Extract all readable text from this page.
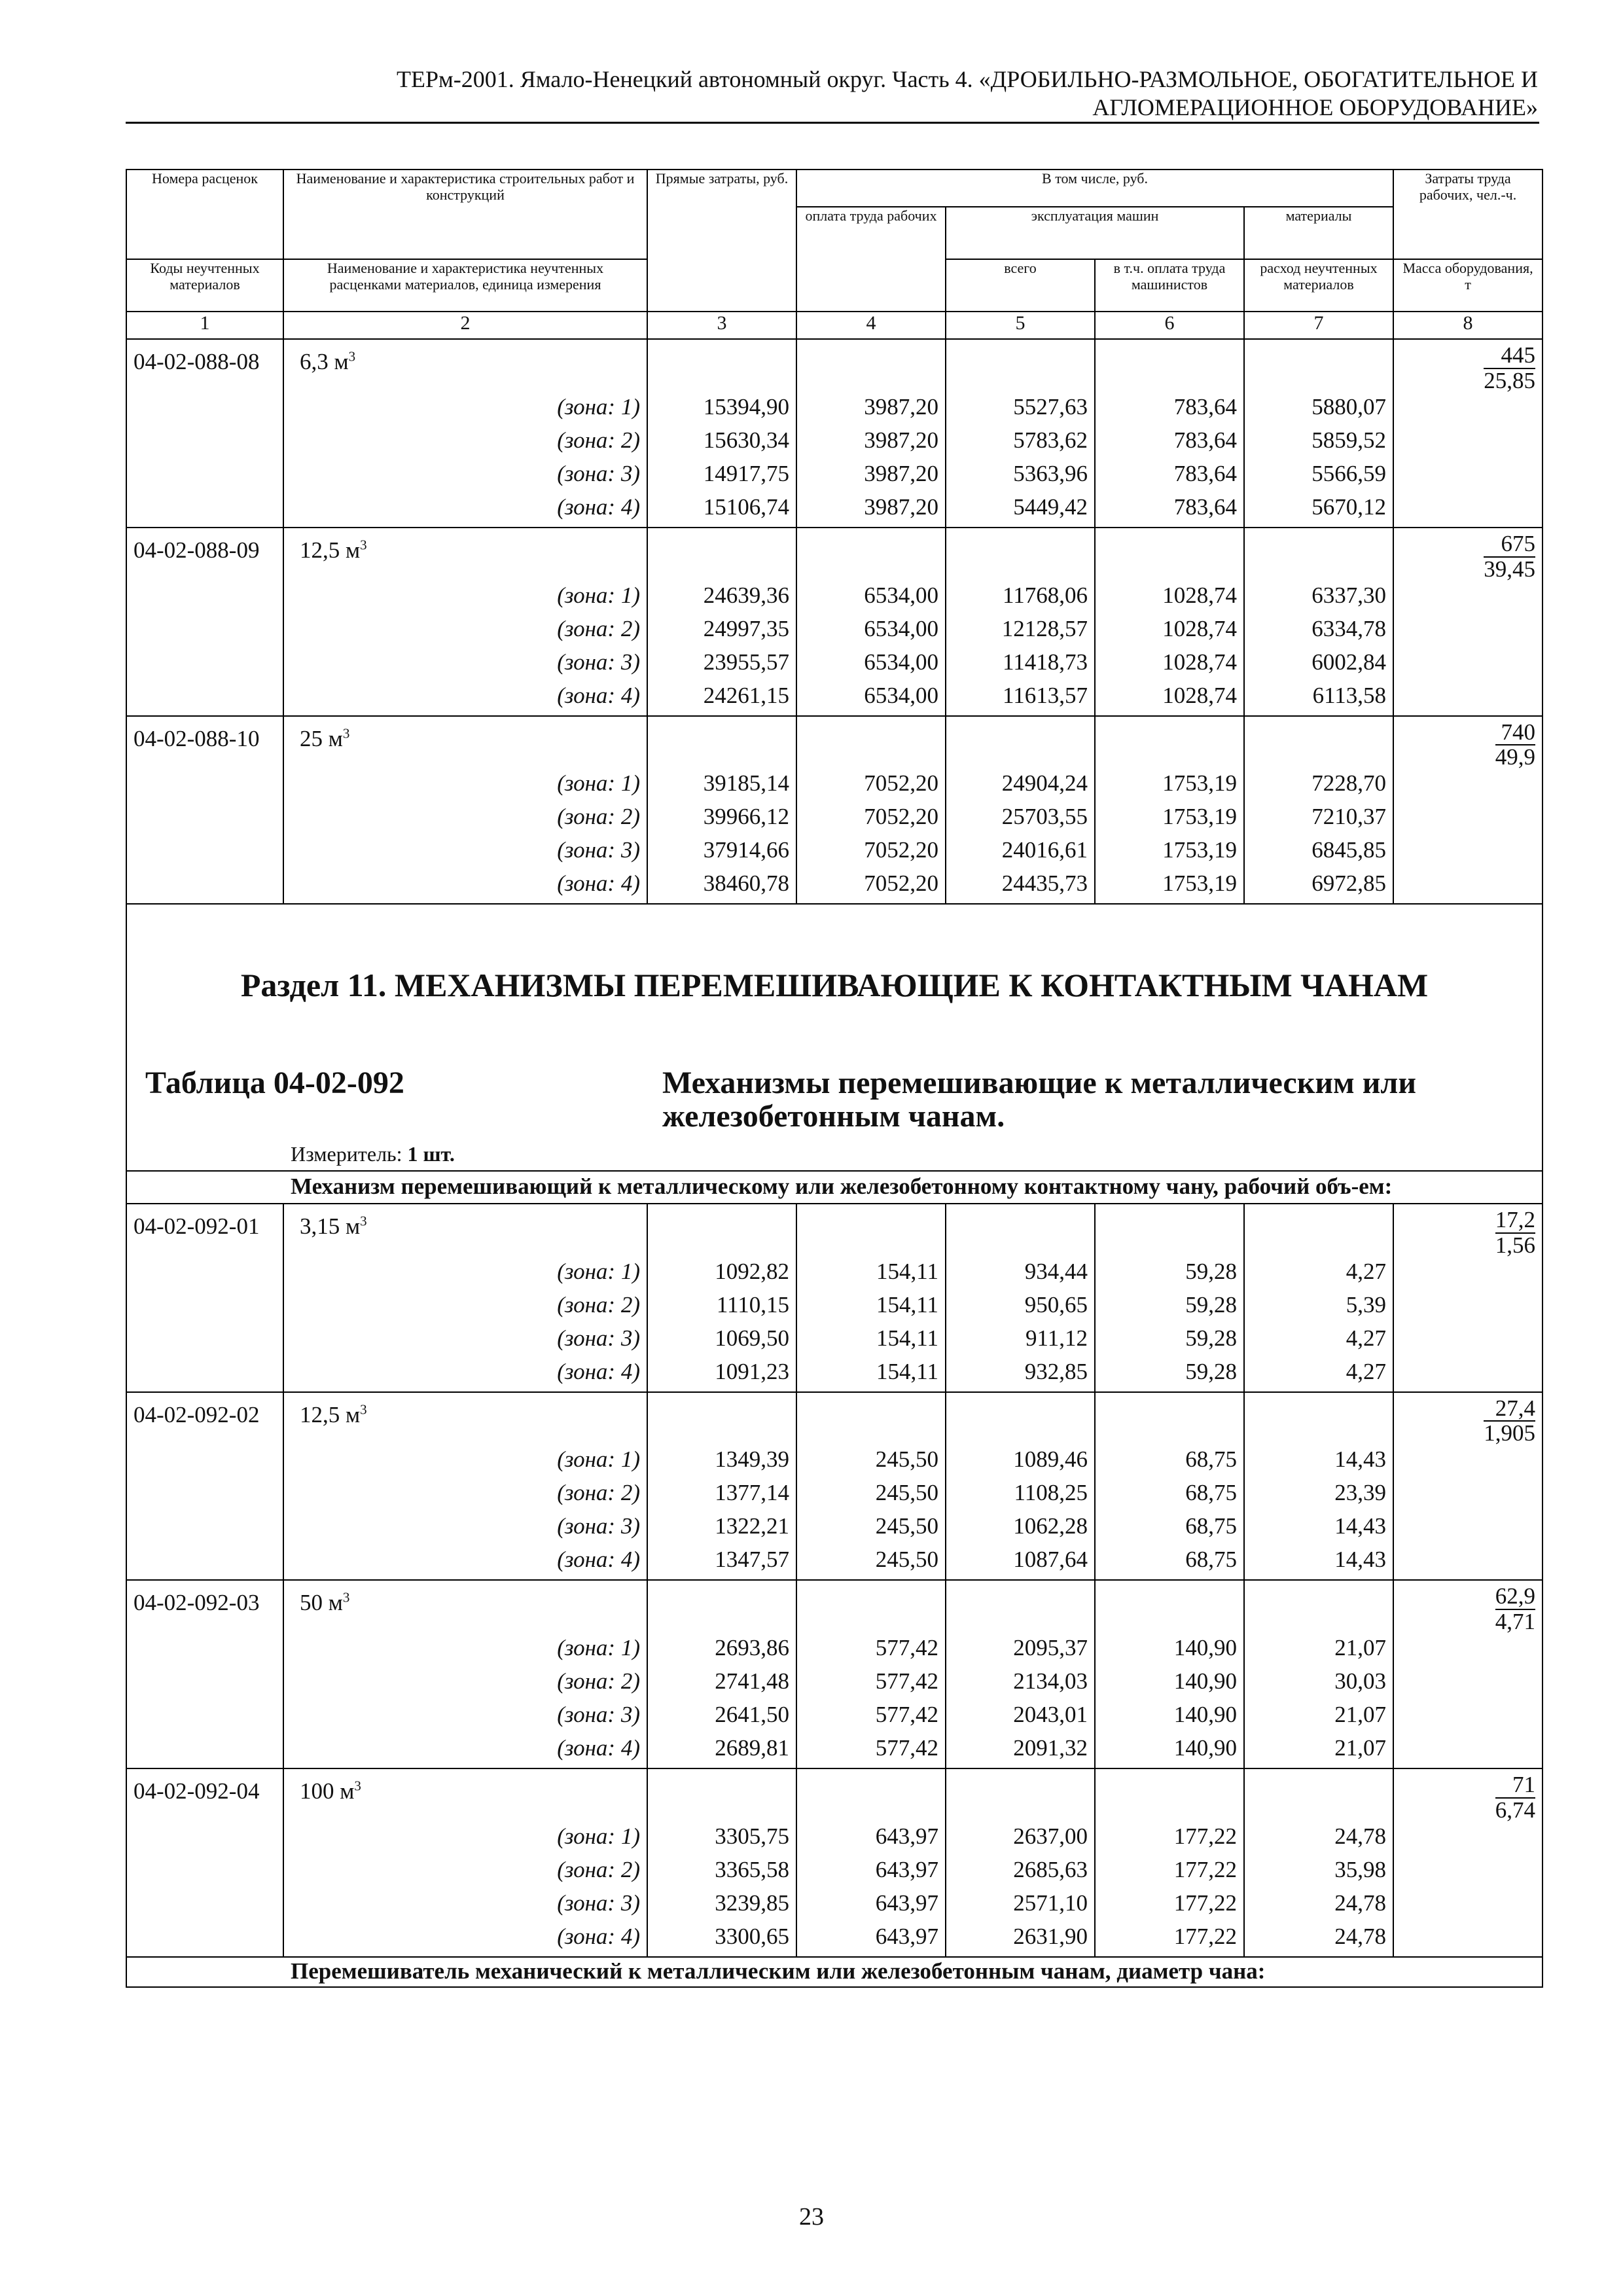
ТЕРм-2001. Ямало-Ненецкий автономный округ. Часть 4. «ДРОБИЛЬНО-РАЗМОЛЬНОЕ, ОБОГАТИТЕЛЬНОЕ И
АГЛОМЕРАЦИОННОЕ ОБОРУДОВАНИЕ»
Номера расценок	Наименование и характеристика строительных работ и конструкций	Прямые затраты, руб.	В том числе, руб.				Затраты труда рабочих, чел.-ч.
			оплата труда рабочих	эксплуатация машин		материалы	
Коды неучтенных материалов	Наименование и характеристика неучтенных расценками материалов, единица измерения			всего	в т.ч. оплата труда машинистов	расход неучтенных материалов	Масса оборудования, т
1	2	3	4	5	6	7	8
04-02-088-08	6,3 $м^3$						$\frac{445}{25,85}$

	(зона: 1)	15394,90	3987,20	5527,63	783,64	5880,07	
	(зона: 2)	15630,34	3987,20	5783,62	783,64	5859,52	
	(зона: 3)	14917,75	3987,20	5363,96	783,64	5566,59	
	(зона: 4)	15106,74	3987,20	5449,42	783,64	5670,12	
04-02-088-09	12,5 $м^3$						$\frac{675}{39,45}$

	(зона: 1)	24639,36	6534,00	11768,06	1028,74	6337,30	
	(зона: 2)	24997,35	6534,00	12128,57	1028,74	6334,78	
	(зона: 3)	23955,57	6534,00	11418,73	1028,74	6002,84	
	(зона: 4)	24261,15	6534,00	11613,57	1028,74	6113,58	
04-02-088-10	25 $м^3$						$\frac{740}{49,9}$

	(зона: 1)	39185,14	7052,20	24904,24	1753,19	7228,70	
	(зона: 2)	39966,12	7052,20	25703,55	1753,19	7210,37	
	(зона: 3)	37914,66	7052,20	24016,61	1753,19	6845,85	
	(зона: 4)	38460,78	7052,20	24435,73	1753,19	6972,85	

Раздел 11. МЕХАНИЗМЫ ПЕРЕМЕШИВАЮЩИЕ К КОНТАКТНЫМ ЧАНАМ
Таблица 04-02-092 Механизмы перемешивающие к металлическим или железобетонным чанам.
Измеритель: 1 шт.							

Механизм перемешивающий к металлическому или железобетонному контактному чану, рабочий объ-ем:							
04-02-092-01	3,15 $м^3$						$\frac{17,2}{1,56}$

	(зона: 1)	1092,82	154,11	934,44	59,28	4,27	
	(зона: 2)	1110,15	154,11	950,65	59,28	5,39	
	(зона: 3)	1069,50	154,11	911,12	59,28	4,27	
	(зона: 4)	1091,23	154,11	932,85	59,28	4,27	
04-02-092-02	12,5 $м^3$						$\frac{27,4}{1,905}$

	(зона: 1)	1349,39	245,50	1089,46	68,75	14,43	
	(зона: 2)	1377,14	245,50	1108,25	68,75	23,39	
	(зона: 3)	1322,21	245,50	1062,28	68,75	14,43	
	(зона: 4)	1347,57	245,50	1087,64	68,75	14,43	
04-02-092-03	50 $м^3$						$\frac{62,9}{4,71}$

	(зона: 1)	2693,86	577,42	2095,37	140,90	21,07	
	(зона: 2)	2741,48	577,42	2134,03	140,90	30,03	
	(зона: 3)	2641,50	577,42	2043,01	140,90	21,07	
	(зона: 4)	2689,81	577,42	2091,32	140,90	21,07	
04-02-092-04	100 $м^3$						$\frac{71}{6,74}$

	(зона: 1)	3305,75	643,97	2637,00	177,22	24,78	
	(зона: 2)	3365,58	643,97	2685,63	177,22	35,98	
	(зона: 3)	3239,85	643,97	2571,10	177,22	24,78	
	(зона: 4)	3300,65	643,97	2631,90	177,22	24,78	
Перемешиватель механический к металлическим или железобетонным чанам, диаметр чана:							
23
